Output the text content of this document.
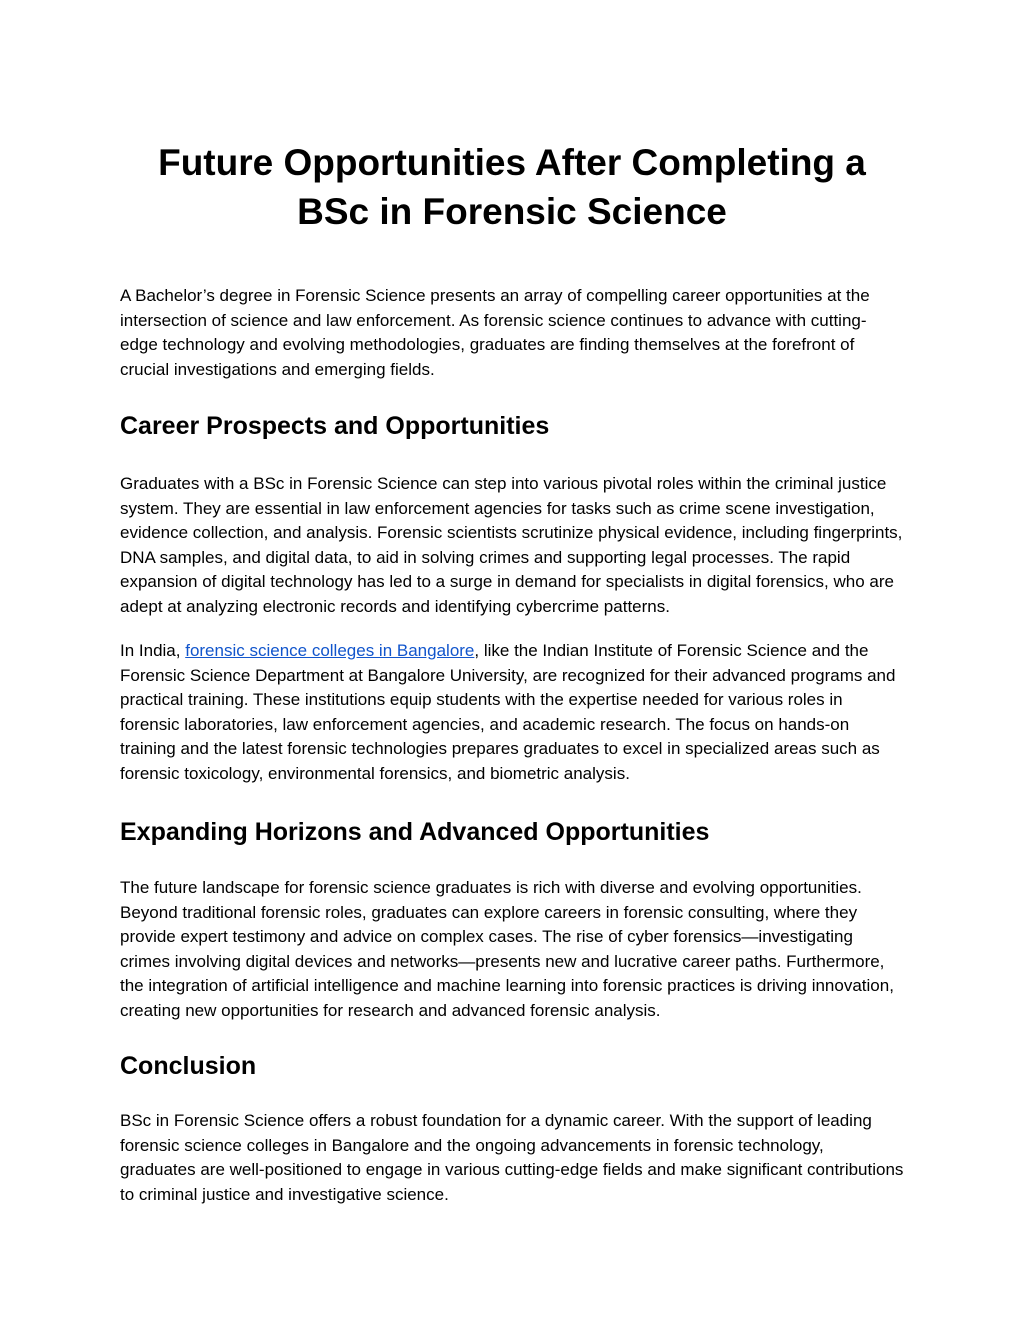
Future Opportunities After Completing a BSc in Forensic Science

A Bachelor’s degree in Forensic Science presents an array of compelling career opportunities at the intersection of science and law enforcement. As forensic science continues to advance with cutting-edge technology and evolving methodologies, graduates are finding themselves at the forefront of crucial investigations and emerging fields.

Career Prospects and Opportunities

Graduates with a BSc in Forensic Science can step into various pivotal roles within the criminal justice system. They are essential in law enforcement agencies for tasks such as crime scene investigation, evidence collection, and analysis. Forensic scientists scrutinize physical evidence, including fingerprints, DNA samples, and digital data, to aid in solving crimes and supporting legal processes. The rapid expansion of digital technology has led to a surge in demand for specialists in digital forensics, who are adept at analyzing electronic records and identifying cybercrime patterns.

In India, forensic science colleges in Bangalore, like the Indian Institute of Forensic Science and the Forensic Science Department at Bangalore University, are recognized for their advanced programs and practical training. These institutions equip students with the expertise needed for various roles in forensic laboratories, law enforcement agencies, and academic research. The focus on hands-on training and the latest forensic technologies prepares graduates to excel in specialized areas such as forensic toxicology, environmental forensics, and biometric analysis.

Expanding Horizons and Advanced Opportunities

The future landscape for forensic science graduates is rich with diverse and evolving opportunities. Beyond traditional forensic roles, graduates can explore careers in forensic consulting, where they provide expert testimony and advice on complex cases. The rise of cyber forensics—investigating crimes involving digital devices and networks—presents new and lucrative career paths. Furthermore, the integration of artificial intelligence and machine learning into forensic practices is driving innovation, creating new opportunities for research and advanced forensic analysis.

Conclusion

BSc in Forensic Science offers a robust foundation for a dynamic career. With the support of leading forensic science colleges in Bangalore and the ongoing advancements in forensic technology, graduates are well-positioned to engage in various cutting-edge fields and make significant contributions to criminal justice and investigative science.
